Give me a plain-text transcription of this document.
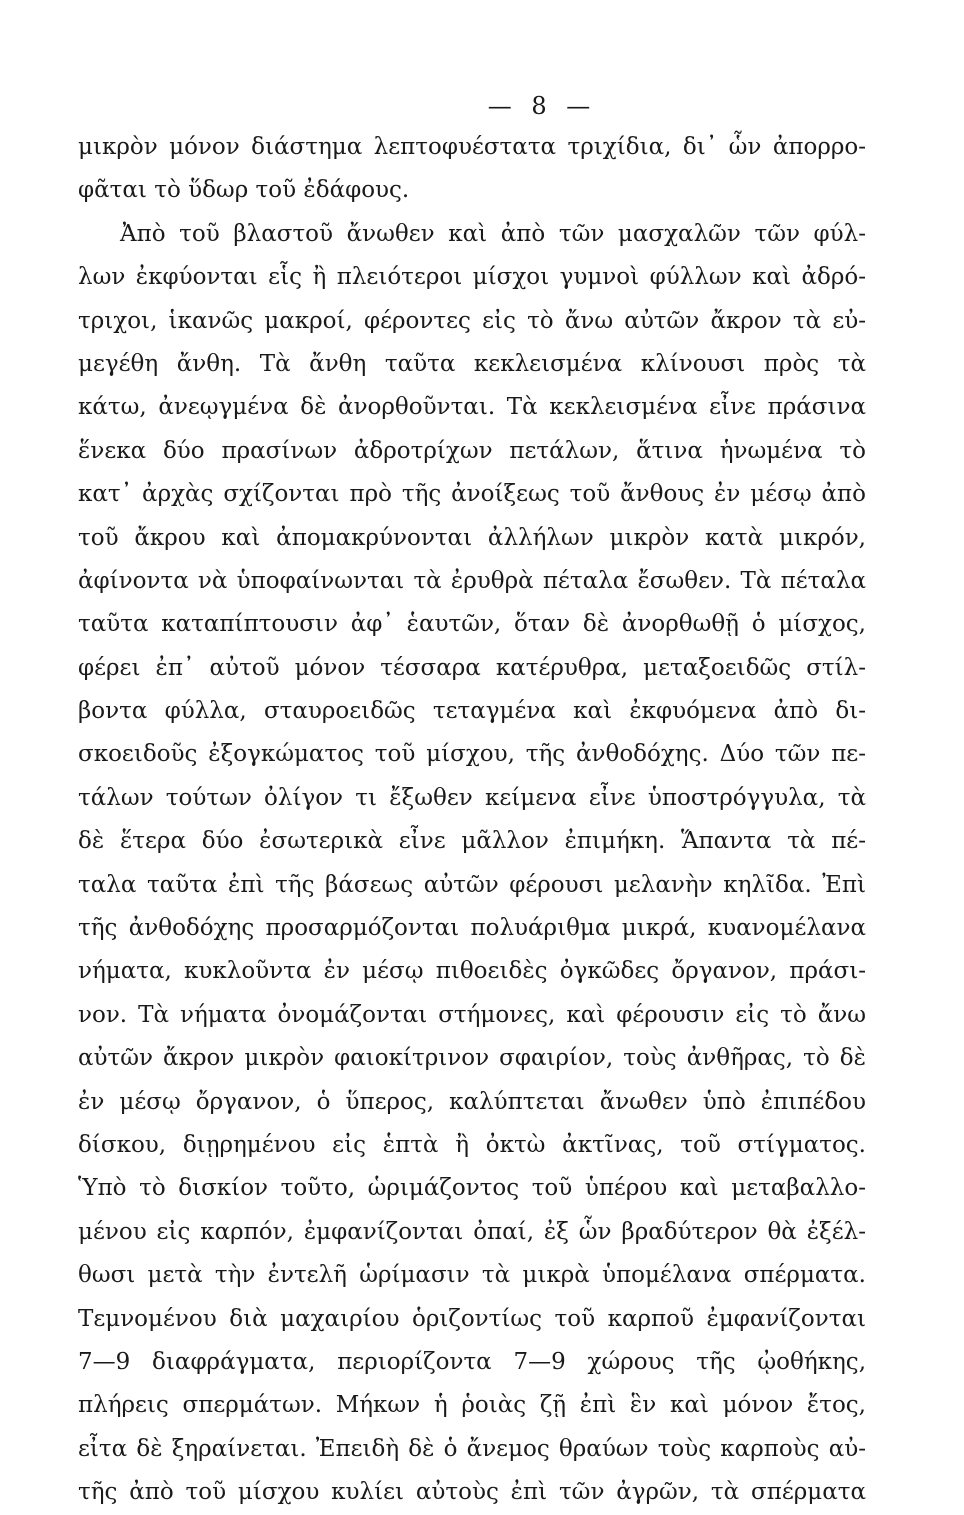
— 8 —
μικρὸν μόνον διάστημα λεπτοφυέστατα τριχίδια, δι᾽ ὧν ἀπορρο-
φᾶται τὸ ὕδωρ τοῦ ἐδάφους.
Ἀπὸ τοῦ βλαστοῦ ἄνωθεν καὶ ἀπὸ τῶν μασχαλῶν τῶν φύλ-
λων ἐκφύονται εἷς ἢ πλειότεροι μίσχοι γυμνοὶ φύλλων καὶ ἀδρό-
τριχοι, ἱκανῶς μακροί, φέροντες εἰς τὸ ἄνω αὐτῶν ἄκρον τὰ εὐ-
μεγέθη ἄνθη. Τὰ ἄνθη ταῦτα κεκλεισμένα κλίνουσι πρὸς τὰ
κάτω, ἀνεῳγμένα δὲ ἀνορθοῦνται. Τὰ κεκλεισμένα εἶνε πράσινα
ἕνεκα δύο πρασίνων ἀδροτρίχων πετάλων, ἅτινα ἡνωμένα τὸ
κατ᾽ ἀρχὰς σχίζονται πρὸ τῆς ἀνοίξεως τοῦ ἄνθους ἐν μέσῳ ἀπὸ
τοῦ ἄκρου καὶ ἀπομακρύνονται ἀλλήλων μικρὸν κατὰ μικρόν,
ἀφίνοντα νὰ ὑποφαίνωνται τὰ ἐρυθρὰ πέταλα ἔσωθεν. Τὰ πέταλα
ταῦτα καταπίπτουσιν ἀφ᾽ ἑαυτῶν, ὅταν δὲ ἀνορθωθῇ ὁ μίσχος,
φέρει ἐπ᾽ αὐτοῦ μόνον τέσσαρα κατέρυθρα, μεταξοειδῶς στίλ-
βοντα φύλλα, σταυροειδῶς τεταγμένα καὶ ἐκφυόμενα ἀπὸ δι-
σκοειδοῦς ἐξογκώματος τοῦ μίσχου, τῆς ἀνθοδόχης. Δύο τῶν πε-
τάλων τούτων ὀλίγον τι ἔξωθεν κείμενα εἶνε ὑποστρόγγυλα, τὰ
δὲ ἕτερα δύο ἐσωτερικὰ εἶνε μᾶλλον ἐπιμήκη. Ἅπαντα τὰ πέ-
ταλα ταῦτα ἐπὶ τῆς βάσεως αὐτῶν φέρουσι μελανὴν κηλῖδα. Ἐπὶ
τῆς ἀνθοδόχης προσαρμόζονται πολυάριθμα μικρά, κυανομέλανα
νήματα, κυκλοῦντα ἐν μέσῳ πιθοειδὲς ὀγκῶδες ὄργανον, πράσι-
νον. Τὰ νήματα ὀνομάζονται στήμονες, καὶ φέρουσιν εἰς τὸ ἄνω
αὐτῶν ἄκρον μικρὸν φαιοκίτρινον σφαιρίον, τοὺς ἀνθῆρας, τὸ δὲ
ἐν μέσῳ ὄργανον, ὁ ὕπερος, καλύπτεται ἄνωθεν ὑπὸ ἐπιπέδου
δίσκου, διῃρημένου εἰς ἑπτὰ ἢ ὀκτὼ ἀκτῖνας, τοῦ στίγματος.
Ὑπὸ τὸ δισκίον τοῦτο, ὡριμάζοντος τοῦ ὑπέρου καὶ μεταβαλλο-
μένου εἰς καρπόν, ἐμφανίζονται ὀπαί, ἐξ ὧν βραδύτερον θὰ ἐξέλ-
θωσι μετὰ τὴν ἐντελῆ ὡρίμασιν τὰ μικρὰ ὑπομέλανα σπέρματα.
Τεμνομένου διὰ μαχαιρίου ὁριζοντίως τοῦ καρποῦ ἐμφανίζονται
7—9 διαφράγματα, περιορίζοντα 7—9 χώρους τῆς ᾠοθήκης,
πλήρεις σπερμάτων. Μήκων ἡ ῥοιὰς ζῇ ἐπὶ ἓν καὶ μόνον ἔτος,
εἶτα δὲ ξηραίνεται. Ἐπειδὴ δὲ ὁ ἄνεμος θραύων τοὺς καρποὺς αὐ-
τῆς ἀπὸ τοῦ μίσχου κυλίει αὐτοὺς ἐπὶ τῶν ἀγρῶν, τὰ σπέρματα
